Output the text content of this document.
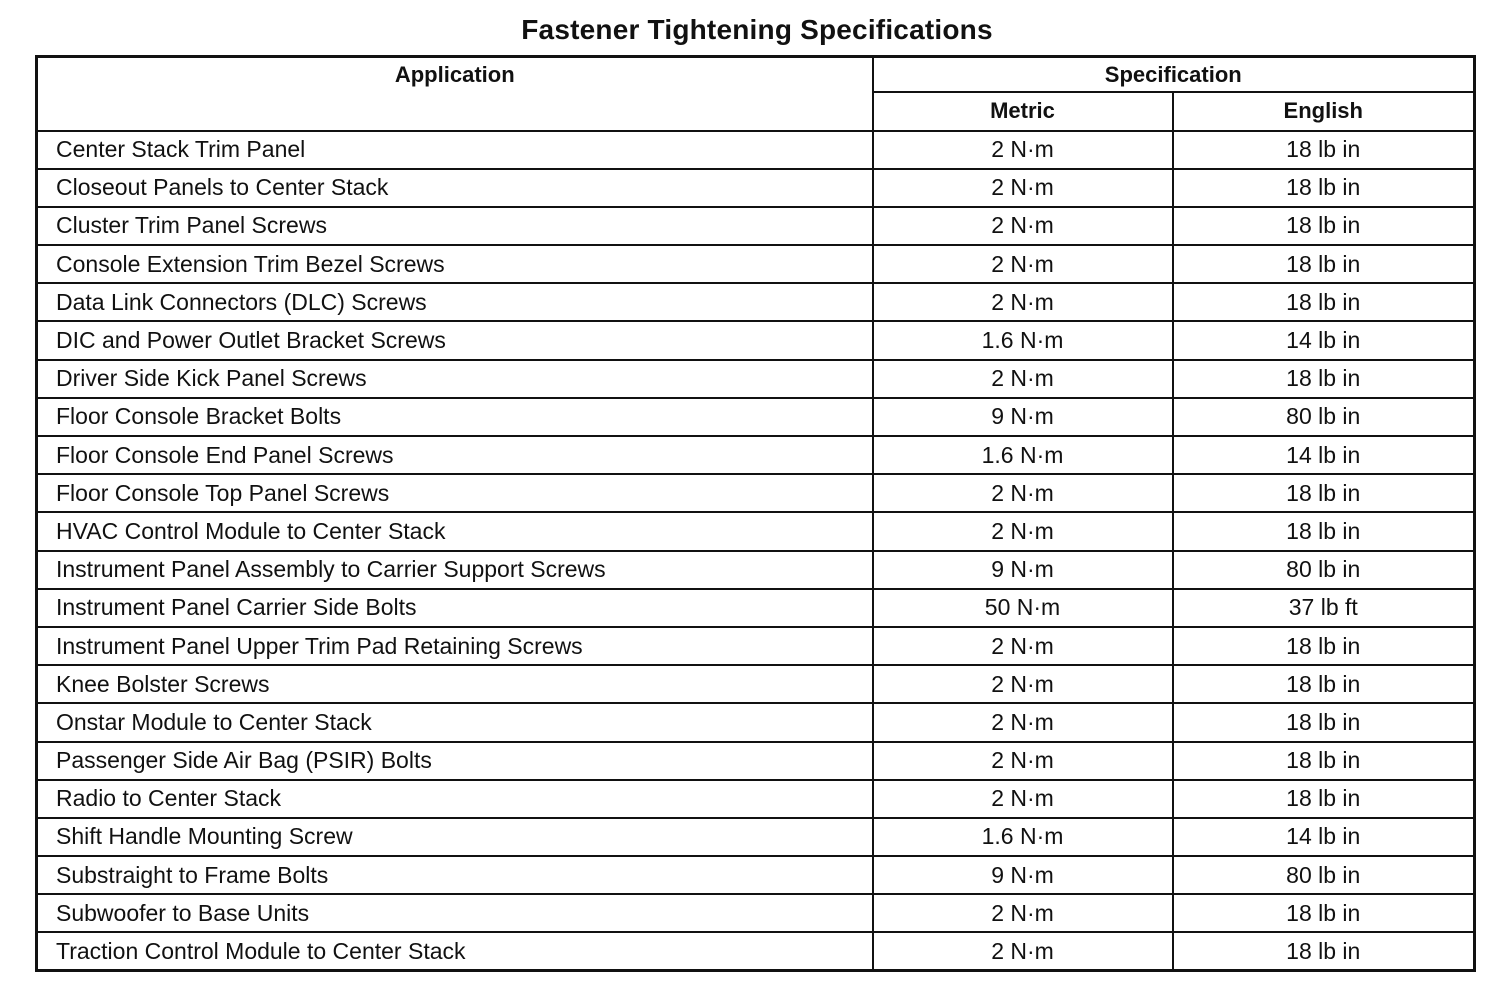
Fastener Tightening Specifications
Application	Specification	
	Metric	English
Center Stack Trim Panel	2 N·m	18 lb in
Closeout Panels to Center Stack	2 N·m	18 lb in
Cluster Trim Panel Screws	2 N·m	18 lb in
Console Extension Trim Bezel Screws	2 N·m	18 lb in
Data Link Connectors (DLC) Screws	2 N·m	18 lb in
DIC and Power Outlet Bracket Screws	1.6 N·m	14 lb in
Driver Side Kick Panel Screws	2 N·m	18 lb in
Floor Console Bracket Bolts	9 N·m	80 lb in
Floor Console End Panel Screws	1.6 N·m	14 lb in
Floor Console Top Panel Screws	2 N·m	18 lb in
HVAC Control Module to Center Stack	2 N·m	18 lb in
Instrument Panel Assembly to Carrier Support Screws	9 N·m	80 lb in
Instrument Panel Carrier Side Bolts	50 N·m	37 lb ft
Instrument Panel Upper Trim Pad Retaining Screws	2 N·m	18 lb in
Knee Bolster Screws	2 N·m	18 lb in
Onstar Module to Center Stack	2 N·m	18 lb in
Passenger Side Air Bag (PSIR) Bolts	2 N·m	18 lb in
Radio to Center Stack	2 N·m	18 lb in
Shift Handle Mounting Screw	1.6 N·m	14 lb in
Substraight to Frame Bolts	9 N·m	80 lb in
Subwoofer to Base Units	2 N·m	18 lb in
Traction Control Module to Center Stack	2 N·m	18 lb in
